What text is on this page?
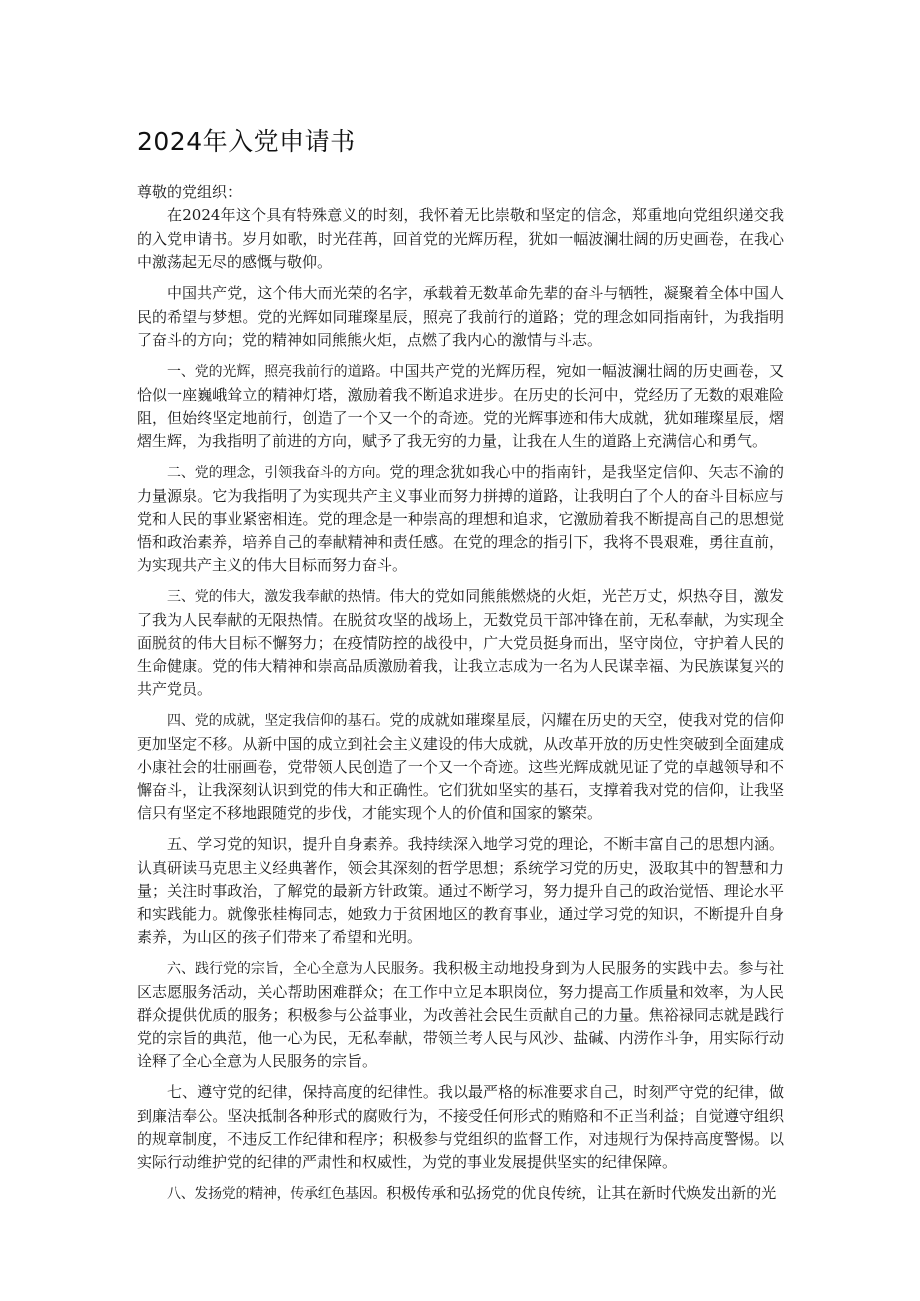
2024年入党申请书

尊敬的党组织：

在2024年这个具有特殊意义的时刻，我怀着无比崇敬和坚定的信念，郑重地向党组织递交我的入党申请书。岁月如歌，时光荏苒，回首党的光辉历程，犹如一幅波澜壮阔的历史画卷，在我心中激荡起无尽的感慨与敬仰。

中国共产党，这个伟大而光荣的名字，承载着无数革命先辈的奋斗与牺牲，凝聚着全体中国人民的希望与梦想。党的光辉如同璀璨星辰，照亮了我前行的道路；党的理念如同指南针，为我指明了奋斗的方向；党的精神如同熊熊火炬，点燃了我内心的激情与斗志。

一、党的光辉，照亮我前行的道路。中国共产党的光辉历程，宛如一幅波澜壮阔的历史画卷，又恰似一座巍峨耸立的精神灯塔，激励着我不断追求进步。在历史的长河中，党经历了无数的艰难险阻，但始终坚定地前行，创造了一个又一个的奇迹。党的光辉事迹和伟大成就，犹如璀璨星辰，熠熠生辉，为我指明了前进的方向，赋予了我无穷的力量，让我在人生的道路上充满信心和勇气。

二、党的理念，引领我奋斗的方向。党的理念犹如我心中的指南针，是我坚定信仰、矢志不渝的力量源泉。它为我指明了为实现共产主义事业而努力拼搏的道路，让我明白了个人的奋斗目标应与党和人民的事业紧密相连。党的理念是一种崇高的理想和追求，它激励着我不断提高自己的思想觉悟和政治素养，培养自己的奉献精神和责任感。在党的理念的指引下，我将不畏艰难，勇往直前，为实现共产主义的伟大目标而努力奋斗。

三、党的伟大，激发我奉献的热情。伟大的党如同熊熊燃烧的火炬，光芒万丈，炽热夺目，激发了我为人民奉献的无限热情。在脱贫攻坚的战场上，无数党员干部冲锋在前，无私奉献，为实现全面脱贫的伟大目标不懈努力；在疫情防控的战役中，广大党员挺身而出，坚守岗位，守护着人民的生命健康。党的伟大精神和崇高品质激励着我，让我立志成为一名为人民谋幸福、为民族谋复兴的共产党员。

四、党的成就，坚定我信仰的基石。党的成就如璀璨星辰，闪耀在历史的天空，使我对党的信仰更加坚定不移。从新中国的成立到社会主义建设的伟大成就，从改革开放的历史性突破到全面建成小康社会的壮丽画卷，党带领人民创造了一个又一个奇迹。这些光辉成就见证了党的卓越领导和不懈奋斗，让我深刻认识到党的伟大和正确性。它们犹如坚实的基石，支撑着我对党的信仰，让我坚信只有坚定不移地跟随党的步伐，才能实现个人的价值和国家的繁荣。

五、学习党的知识，提升自身素养。我持续深入地学习党的理论，不断丰富自己的思想内涵。认真研读马克思主义经典著作，领会其深刻的哲学思想；系统学习党的历史，汲取其中的智慧和力量；关注时事政治，了解党的最新方针政策。通过不断学习，努力提升自己的政治觉悟、理论水平和实践能力。就像张桂梅同志，她致力于贫困地区的教育事业，通过学习党的知识，不断提升自身素养，为山区的孩子们带来了希望和光明。

六、践行党的宗旨，全心全意为人民服务。我积极主动地投身到为人民服务的实践中去。参与社区志愿服务活动，关心帮助困难群众；在工作中立足本职岗位，努力提高工作质量和效率，为人民群众提供优质的服务；积极参与公益事业，为改善社会民生贡献自己的力量。焦裕禄同志就是践行党的宗旨的典范，他一心为民，无私奉献，带领兰考人民与风沙、盐碱、内涝作斗争，用实际行动诠释了全心全意为人民服务的宗旨。

七、遵守党的纪律，保持高度的纪律性。我以最严格的标准要求自己，时刻严守党的纪律，做到廉洁奉公。坚决抵制各种形式的腐败行为，不接受任何形式的贿赂和不正当利益；自觉遵守组织的规章制度，不违反工作纪律和程序；积极参与党组织的监督工作，对违规行为保持高度警惕。以实际行动维护党的纪律的严肃性和权威性，为党的事业发展提供坚实的纪律保障。

八、发扬党的精神，传承红色基因。积极传承和弘扬党的优良传统，让其在新时代焕发出新的光
